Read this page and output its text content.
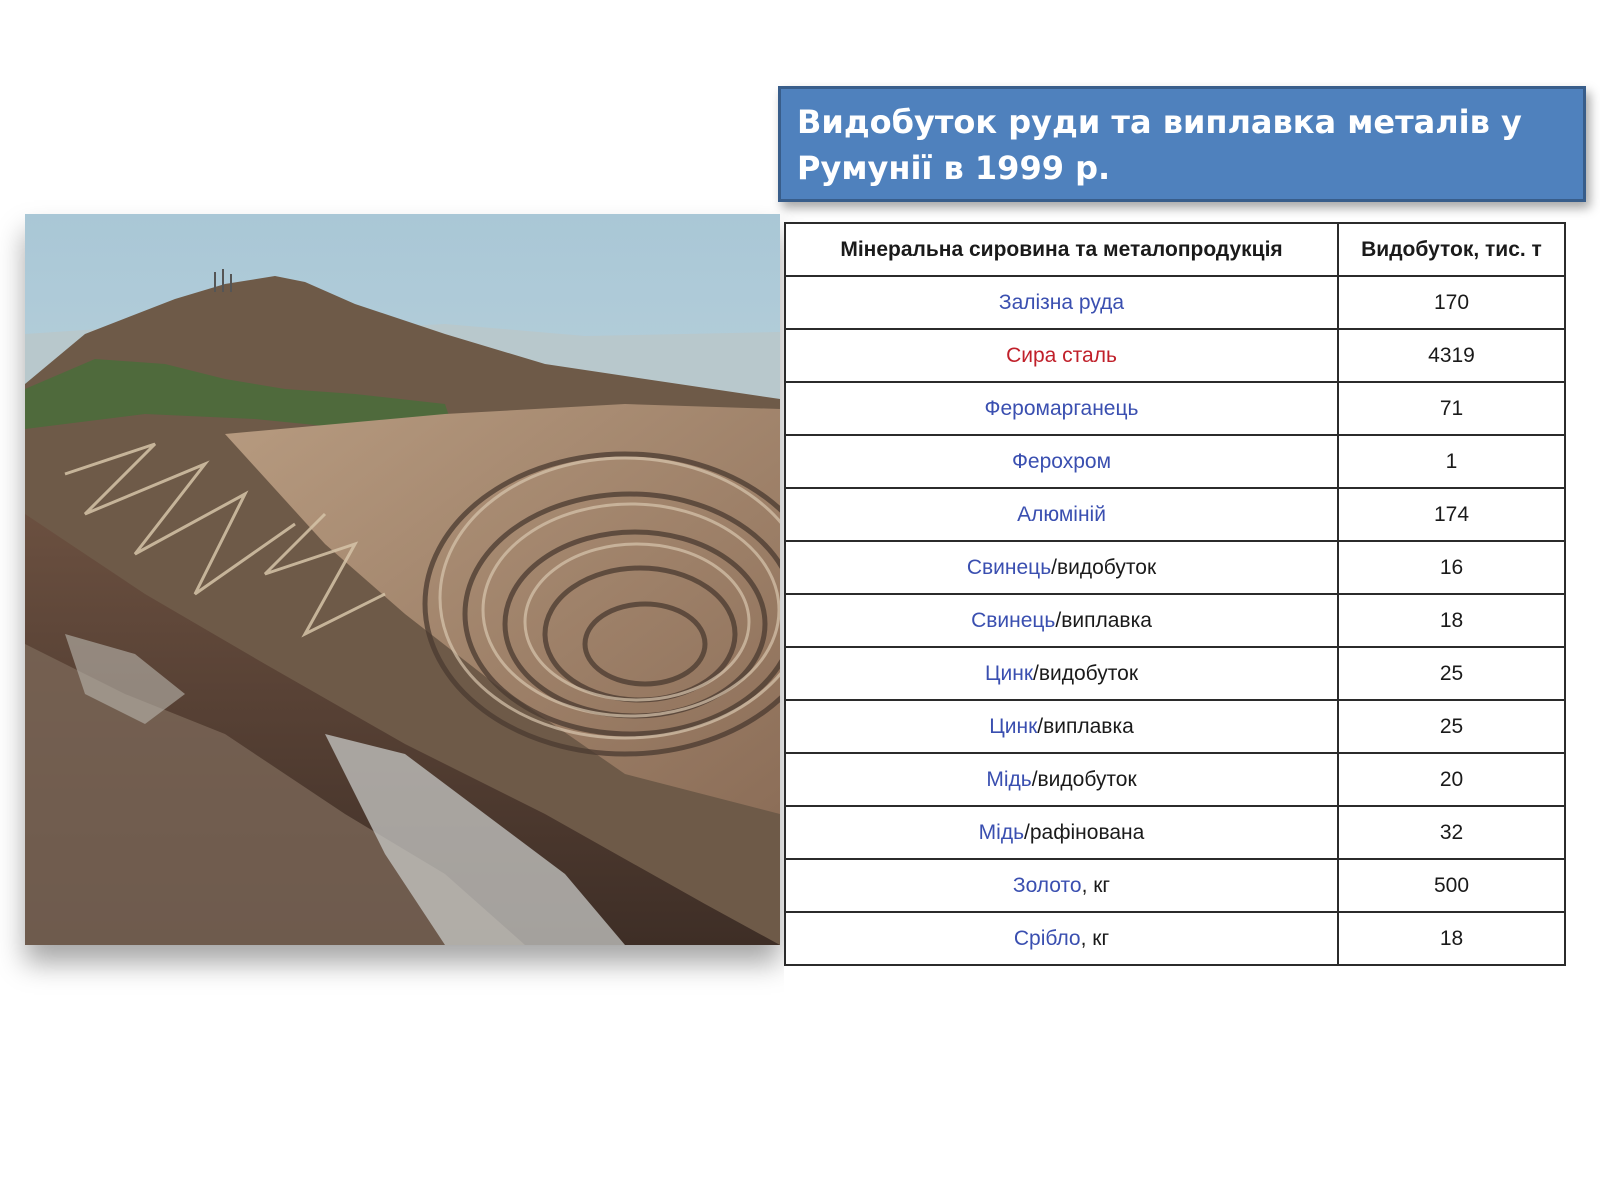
Видобуток руди та виплавка металів у Румунії в 1999 р.
Мінеральна сировина та металопродукція	Видобуток, тис. т
Залізна руда	170
Сира сталь	4319
Феромарганець	71
Ферохром	1
Алюміній	174
Свинець/видобуток	16
Свинець/виплавка	18
Цинк/видобуток	25
Цинк/виплавка	25
Мідь/видобуток	20
Мідь/рафінована	32
Золото, кг	500
Срібло, кг	18
